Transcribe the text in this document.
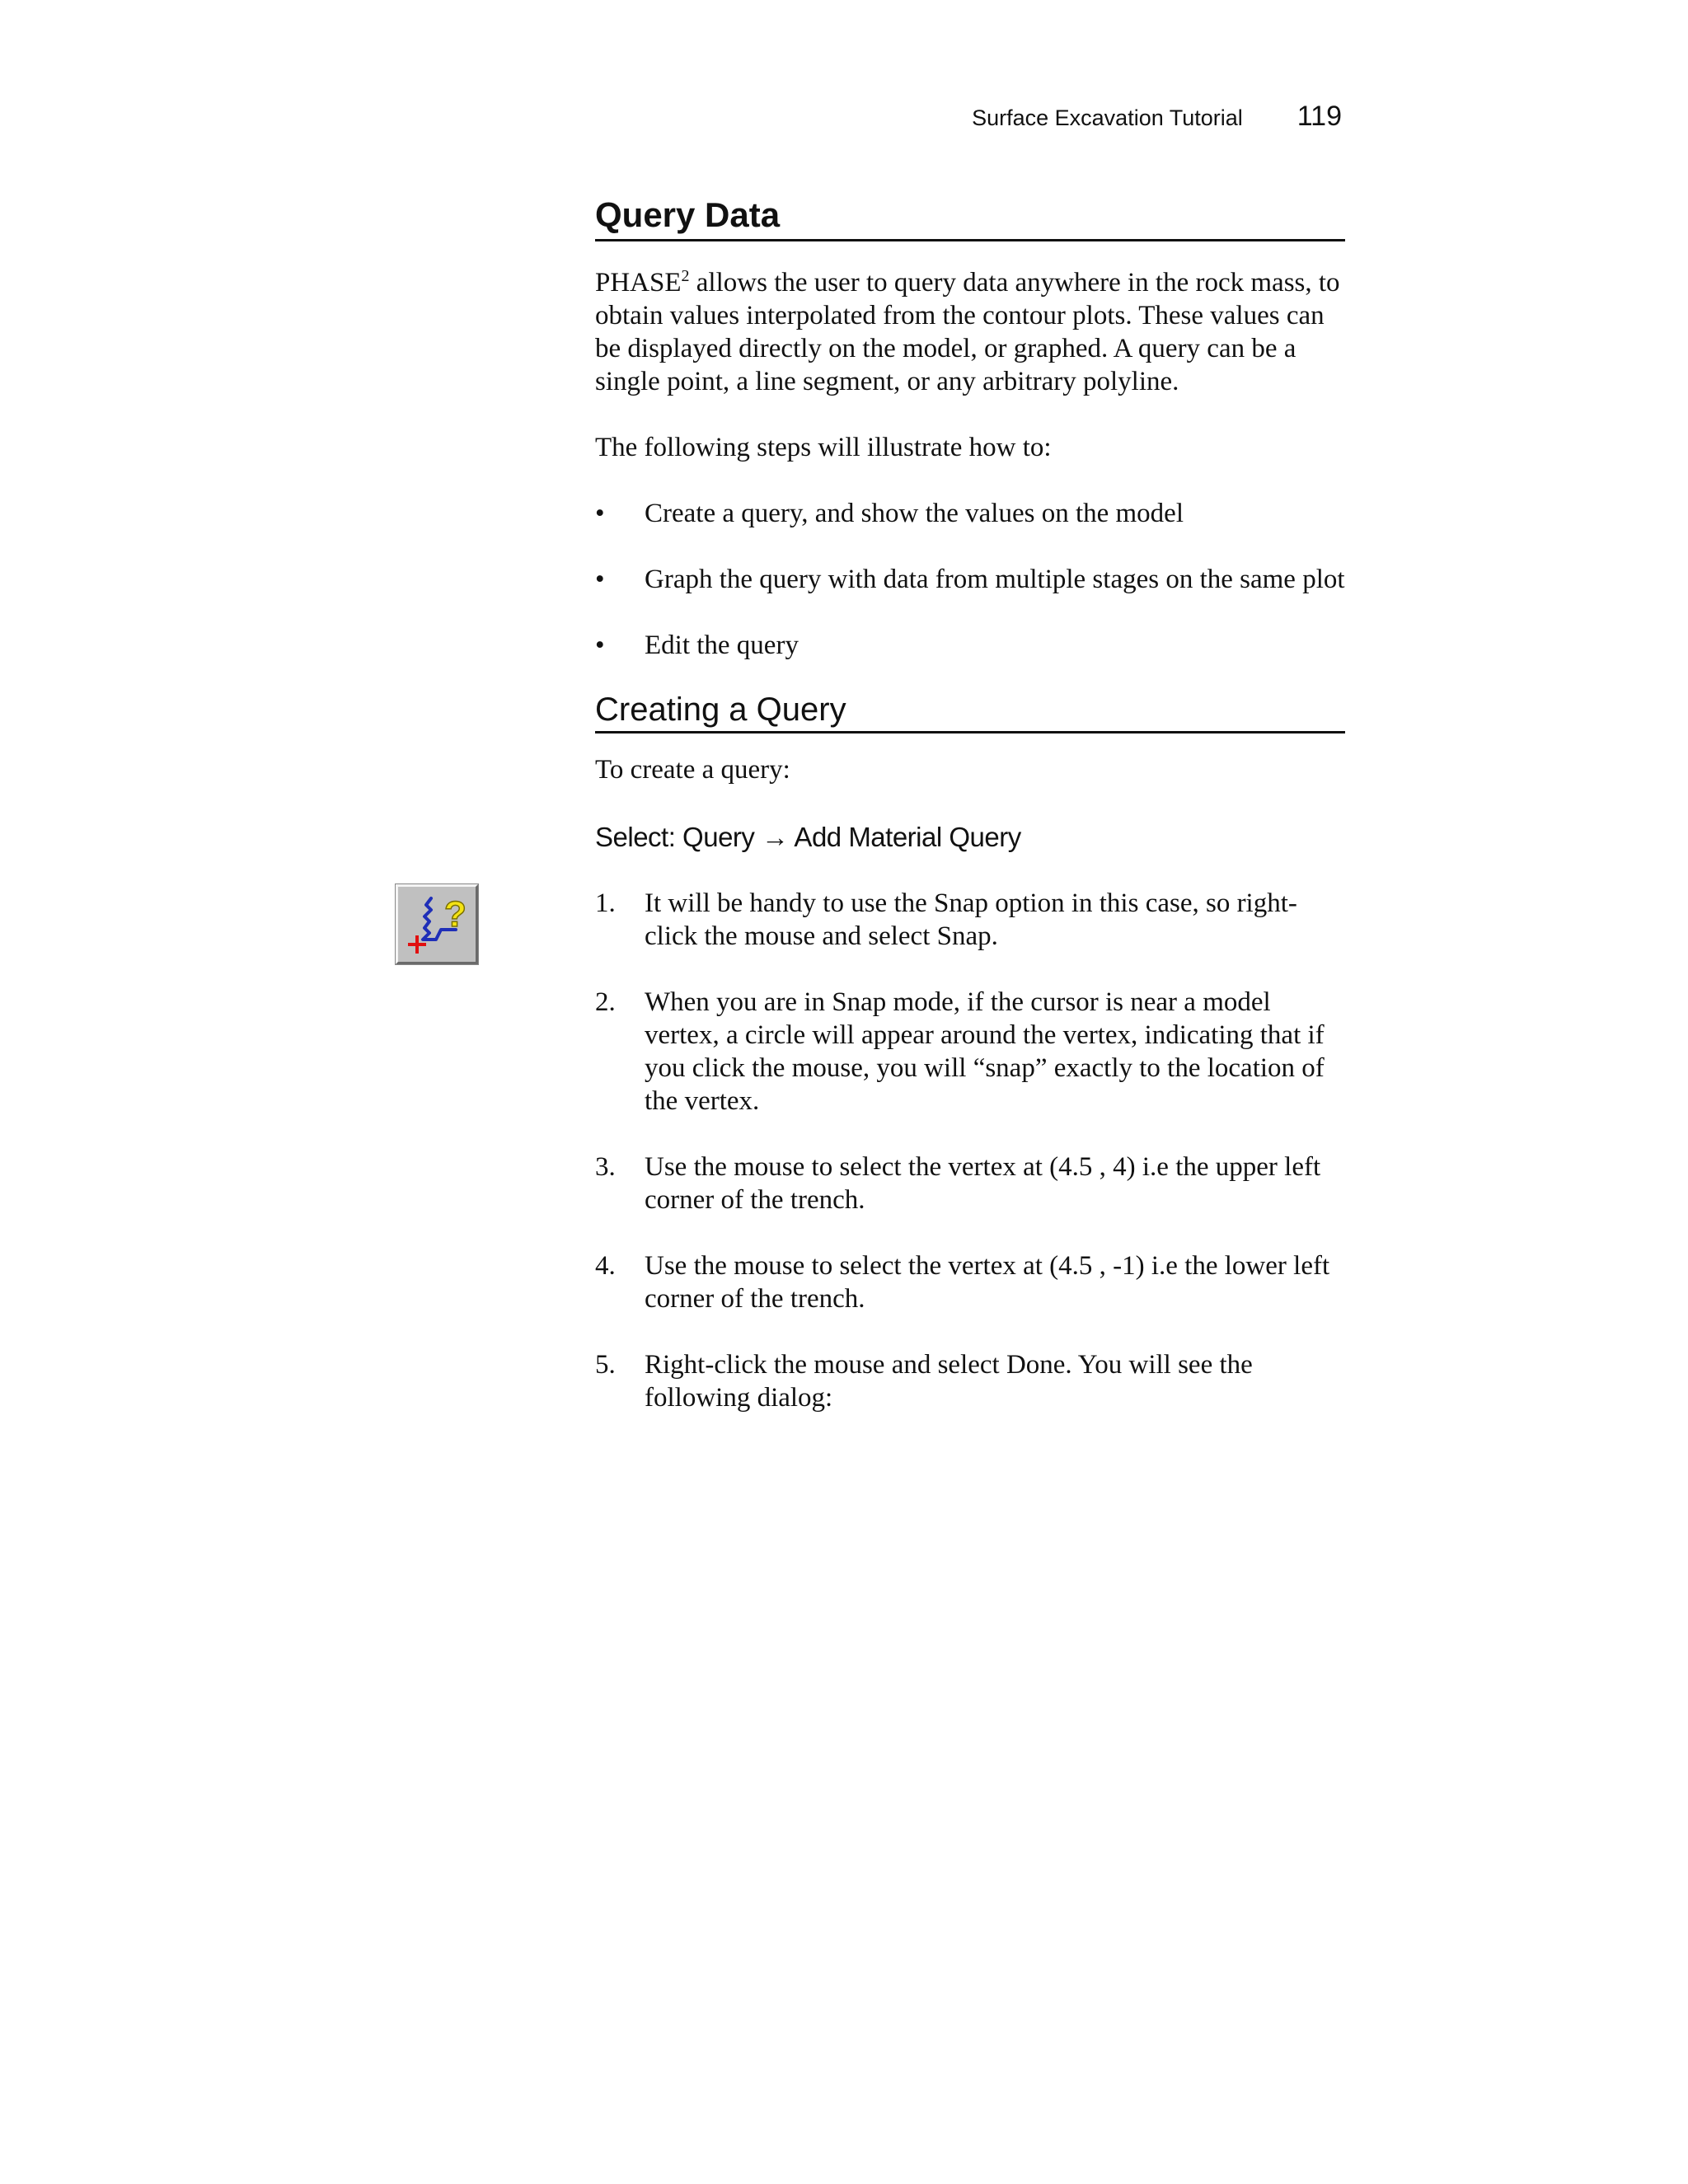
Surface Excavation Tutorial 119
?
Query Data

PHASE$^2$ allows the user to query data anywhere in the rock mass, to obtain values interpolated from the contour plots. These values can be displayed directly on the model, or graphed. A query can be a single point, a line segment, or any arbitrary polyline.

The following steps will illustrate how to:

•	Create a query, and show the values on the model
•	Graph the query with data from multiple stages on the same plot
•	Edit the query
Creating a Query

To create a query:

Select: Query → Add Material Query

1.	It will be handy to use the Snap option in this case, so right-click the mouse and select Snap.
2.	When you are in Snap mode, if the cursor is near a model vertex, a circle will appear around the vertex, indicating that if you click the mouse, you will “snap” exactly to the location of the vertex.
3.	Use the mouse to select the vertex at (4.5 , 4) i.e the upper left corner of the trench.
4.	Use the mouse to select the vertex at (4.5 , -1) i.e the lower left corner of the trench.
5.	Right-click the mouse and select Done. You will see the following dialog:
